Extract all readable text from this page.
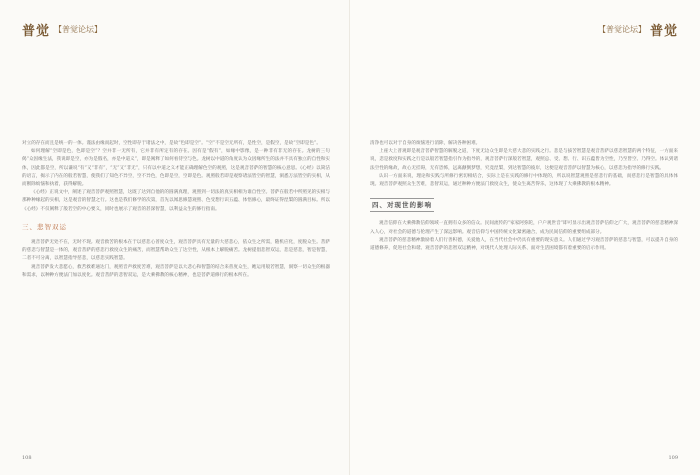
普觉 【普觉论坛】

对立的存在而且是统一的一体。谨法由缘而起时，空性即存于诸法之中，是故“色即是空”。“空”不是空无所有，是性空，是假空，是故“空即是色”。

如何理解“空即是色，色即是空”？空并非一无所有，它并非有所定有的存在。因有是“假有”，如缘中影像，是一种非有非无的存在。龙树的三句偈“众因缘生法，我说即是空，亦为是假名，亦是中道义”，即是阐释了如何看待空与色。龙树以中道的角度认为众因缘所生的法并不具有独立的自性和实体，因此都是空，所以谦说“有”又“非有”，“无”又“非无”，只有以中道之义才能正确理解色空的观照，这是观音菩萨的智慧的核心意思。《心经》以简洁的语言，揭示了内在的般若智慧，使我们了知色不异空，空不异色，色即是空，空即是色。观照般若即是观察诸法皆空的智慧，洞悉万法皆空的实相，从而断除烦恼和执着，获得解脱。

《心经》正说文中，阐述了观音菩萨观照智慧，这既了达到自他的的圆满真理，观照到一切法的真实相相为谁自性空。菩萨在般若中所照见的实相与那种种缘起的实相，这是观音的智慧之行。这也是我们修学的次第，首先以闻思修慧观照、色受想行识五蕴、体悟修心，最终证得涅槃的圆满目标。所以《心经》不仅阐释了般若空的中心要义，同时也展示了观音的甚深智慧，以利益众生的修行指南。

三、悲智双运

观音菩萨无处不在，无时不现。观音救苦的根本在于以慈悲心普度众生，观音菩萨具有无量的大慈悲心，依众生之所需，随机应化，度脱众生。菩萨的慈悲与智慧是一体的，观音菩萨的慈悲行救度众生的痛苦，而智慧帮助众生了达空性，从根本上解脱痛苦。龙树提倡悲智双运，悲是慈悲，智是智慧，二者不可分离，以智慧指导慈悲，以慈悲实践智慧。

观音菩萨发大悲愿心，救苦救难通达门，观照音声救度苦难，观音菩萨是以大悲心和智慧的结合来普度众生，她运用般若智慧，洞察一切众生的根器和需求，以种种方便法门加以度化。观音菩萨的悲智双运，是大乘佛教的核心精神，也是菩萨道修行的根本所在。

108
【普觉论坛】 普觉

清净也可以对于自身的烦恼进行消除，解决各种困难。

上座大上普观即是观音菩萨智慧的解脱之道，下度无边众生即是大慈大悲的实践之行。悲是与拔苦智慧是观音菩萨以慈悲智慧的两个特征，一方面来说，悲是救度和实践之行是以般若智慧指引作为指导的，观音菩萨行深般若智慧，观照总、受、想、行、识五蕴皆为空性，乃至皆空、乃得空。体认到诸法空性的缘故，故心无挂碍，无有恐怖，远离颠倒梦想，究竟涅槃，到达智慧的彼岸，这便是观音菩萨以智慧为核心，以慈悲为指导的修行实践。

认识一方面来说，理论和实践与所修行密切相结合，实际上是在实践的修行中体现的，所以说智慧观照是慈悲行的基础，而慈悲行是智慧的具体体现。观音菩萨观照众生苦难，悲智双运，通过种种方便法门救度众生，使众生离苦得乐，这体现了大乘佛教的根本精神。

四、对现世的影响

观音信仰在大乘佛教信仰领域一直拥有众多的信众。民间流传的“家家阿弥陀，户户观世音”即可显示出观音菩萨信仰之广大，观音菩萨的慈悲精神深入人心，对社会的道德与伦理产生了深远影响。观音信仰与中国传统文化紧密融合，成为民间信仰的重要组成部分。

观音菩萨的慈悲精神激励着人们行善积德，关爱他人，在当代社会中仍具有重要的现实意义。人们通过学习观音菩萨的慈悲与智慧，可以提升自身的道德修养，促进社会和谐。观音菩萨的悲智双运精神，对现代人处理人际关系、面对生活困境都有着重要的启示作用。

109
